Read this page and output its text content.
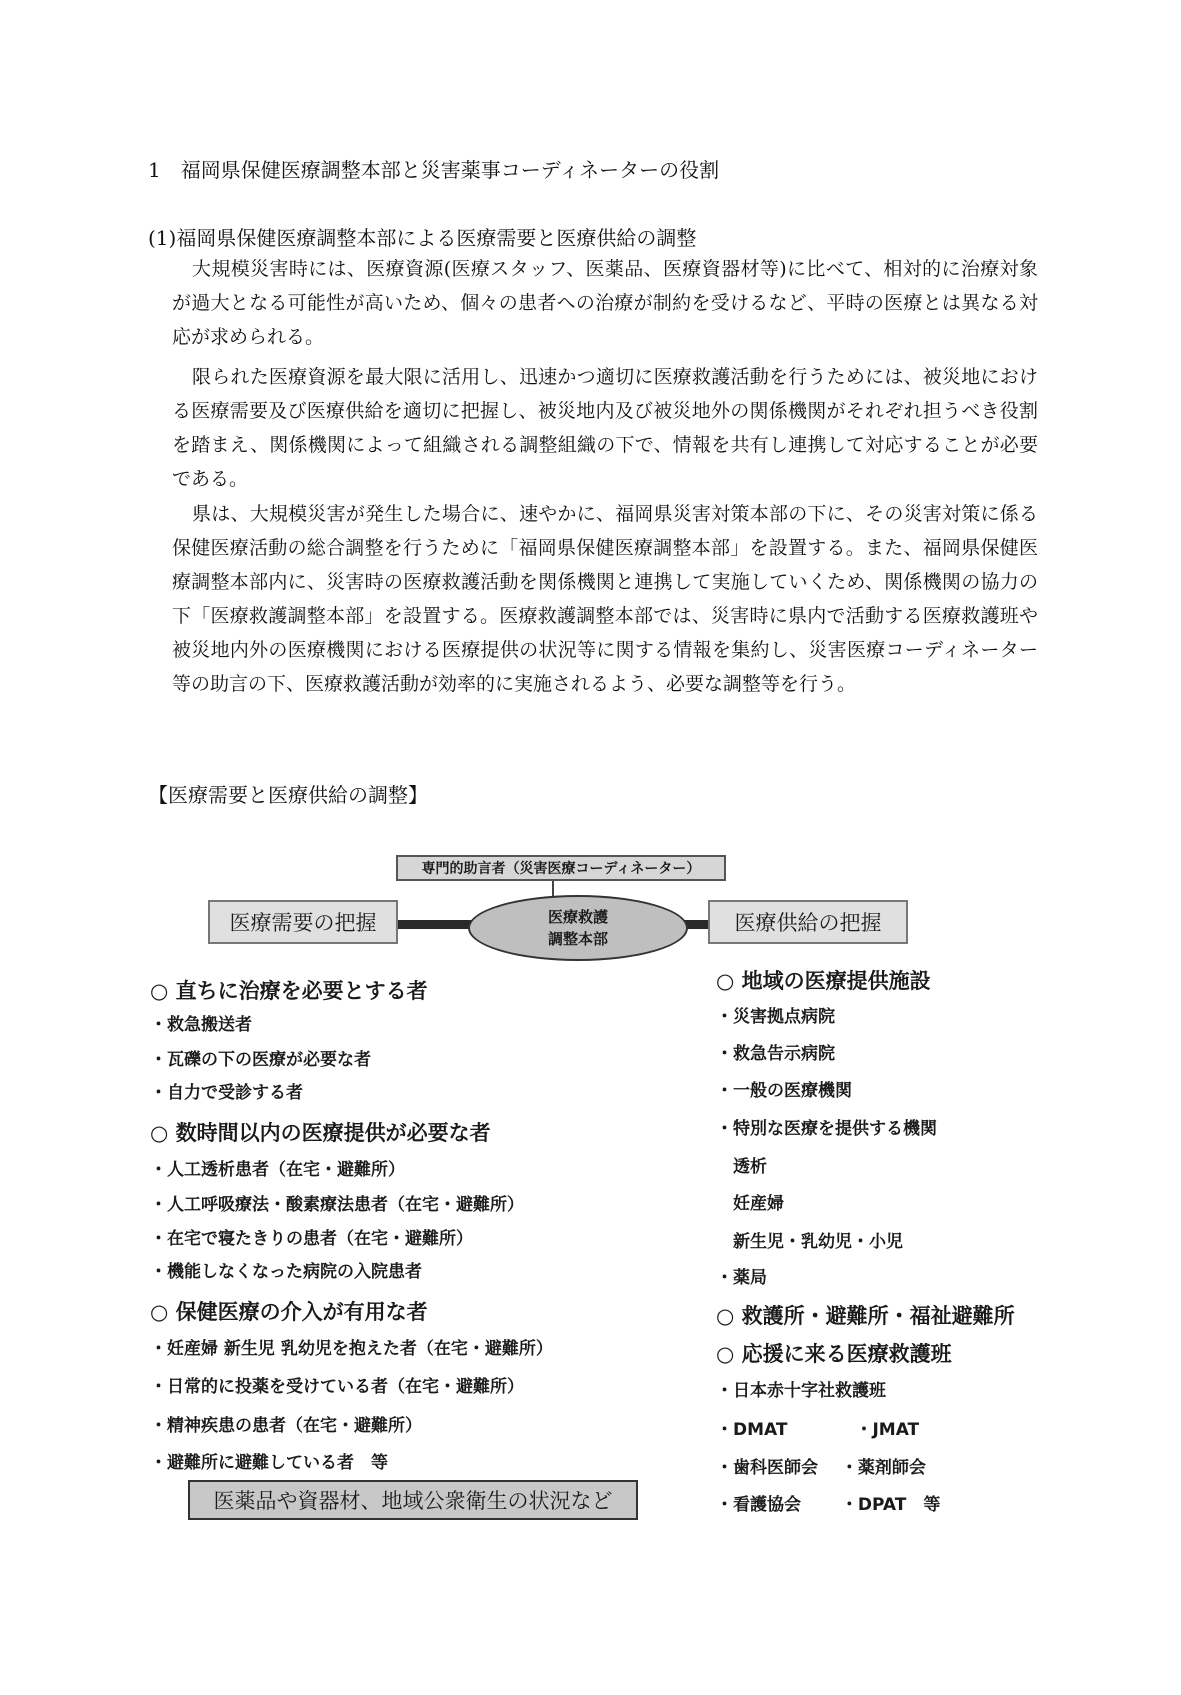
1　福岡県保健医療調整本部と災害薬事コーディネーターの役割
(1)福岡県保健医療調整本部による医療需要と医療供給の調整

大規模災害時には、医療資源(医療スタッフ、医薬品、医療資器材等)に比べて、相対的に治療対象が過大となる可能性が高いため、個々の患者への治療が制約を受けるなど、平時の医療とは異なる対応が求められる。

限られた医療資源を最大限に活用し、迅速かつ適切に医療救護活動を行うためには、被災地における医療需要及び医療供給を適切に把握し、被災地内及び被災地外の関係機関がそれぞれ担うべき役割を踏まえ、関係機関によって組織される調整組織の下で、情報を共有し連携して対応することが必要である。

県は、大規模災害が発生した場合に、速やかに、福岡県災害対策本部の下に、その災害対策に係る保健医療活動の総合調整を行うために「福岡県保健医療調整本部」を設置する。また、福岡県保健医療調整本部内に、災害時の医療救護活動を関係機関と連携して実施していくため、関係機関の協力の下「医療救護調整本部」を設置する。医療救護調整本部では、災害時に県内で活動する医療救護班や被災地内外の医療機関における医療提供の状況等に関する情報を集約し、災害医療コーディネーター等の助言の下、医療救護活動が効率的に実施されるよう、必要な調整等を行う。

【医療需要と医療供給の調整】
専門的助言者（災害医療コーディネーター）
医療需要の把握	医療供給の把握
医療救護
調整本部
○ 直ちに治療を必要とする者
・救急搬送者
・瓦礫の下の医療が必要な者
・自力で受診する者
○ 数時間以内の医療提供が必要な者
・人工透析患者（在宅・避難所）
・人工呼吸療法・酸素療法患者（在宅・避難所）
・在宅で寝たきりの患者（在宅・避難所）
・機能しなくなった病院の入院患者
○ 保健医療の介入が有用な者
・妊産婦 新生児 乳幼児を抱えた者（在宅・避難所）
・日常的に投薬を受けている者（在宅・避難所）
・精神疾患の患者（在宅・避難所）
・避難所に避難している者　等
○ 地域の医療提供施設
・災害拠点病院
・救急告示病院
・一般の医療機関
・特別な医療を提供する機関
　透析
　妊産婦
　新生児・乳幼児・小児
・薬局
○ 救護所・避難所・福祉避難所
○ 応援に来る医療救護班
・日本赤十字社救護班
・DMAT　　　　・JMAT
・歯科医師会　 ・薬剤師会
・看護協会　　 ・DPAT　等
医薬品や資器材、地域公衆衛生の状況など
